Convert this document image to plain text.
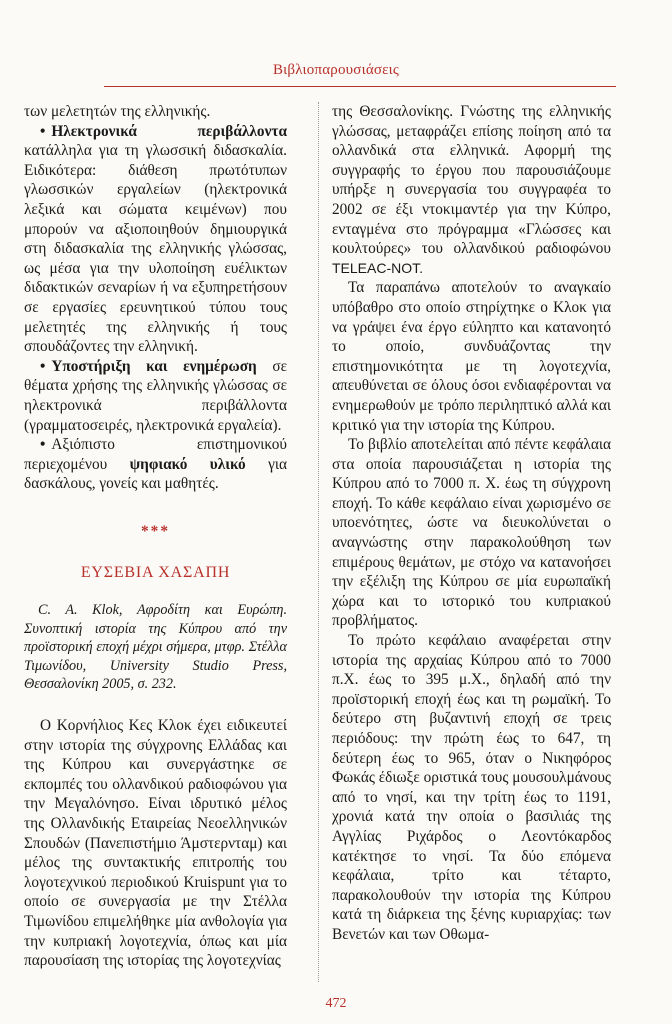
Βιβλιοπαρουσιάσεις

των μελετητών της ελληνικής.

• Ηλεκτρονικά περιβάλλοντα κατάλληλα για τη γλωσσική διδασκαλία. Ειδικότερα: διάθεση πρωτότυπων γλωσσικών εργαλείων (ηλεκτρονικά λεξικά και σώματα κειμένων) που μπορούν να αξιοποιηθούν δημιουργικά στη διδασκαλία της ελληνικής γλώσσας, ως μέσα για την υλοποίηση ευέλικτων διδακτικών σεναρίων ή να εξυπηρετήσουν σε εργασίες ερευνητικού τύπου τους μελετητές της ελληνικής ή τους σπουδάζοντες την ελληνική.

• Υποστήριξη και ενημέρωση σε θέματα χρήσης της ελληνικής γλώσσας σε ηλεκτρονικά περιβάλλοντα (γραμματοσειρές, ηλεκτρονικά εργαλεία).

• Αξιόπιστο επιστημονικού περιεχομένου ψηφιακό υλικό για δασκάλους, γονείς και μαθητές.

***
ΕΥΣΕΒΙΑ ΧΑΣΑΠΗ

C. A. Klok, Αφροδίτη και Ευρώπη. Συνοπτική ιστορία της Κύπρου από την προϊστορική εποχή μέχρι σήμερα, μτφρ. Στέλλα Τιμωνίδου, University Studio Press, Θεσσαλονίκη 2005, σ. 232.

Ο Κορνήλιος Κες Κλοκ έχει ειδικευτεί στην ιστορία της σύγχρονης Ελλάδας και της Κύπρου και συνεργάστηκε σε εκπομπές του ολλανδικού ραδιοφώνου για την Μεγαλόνησο. Είναι ιδρυτικό μέλος της Ολλανδικής Εταιρείας Νεοελληνικών Σπουδών (Πανεπιστήμιο Άμστερνταμ) και μέλος της συντακτικής επιτροπής του λογοτεχνικού περιοδικού Kruispunt για το οποίο σε συνεργασία με την Στέλλα Τιμωνίδου επιμελήθηκε μία ανθολογία για την κυπριακή λογοτεχνία, όπως και μία παρουσίαση της ιστορίας της λογοτεχνίας

της Θεσσαλονίκης. Γνώστης της ελληνικής γλώσσας, μεταφράζει επίσης ποίηση από τα ολλανδικά στα ελληνικά. Αφορμή της συγγραφής το έργου που παρουσιάζουμε υπήρξε η συνεργασία του συγγραφέα το 2002 σε έξι ντοκιμαντέρ για την Κύπρο, ενταγμένα στο πρόγραμμα «Γλώσσες και κουλτούρες» του ολλανδικού ραδιοφώνου TELEAC-NOT.

Τα παραπάνω αποτελούν το αναγκαίο υπόβαθρο στο οποίο στηρίχτηκε ο Κλοκ για να γράψει ένα έργο εύληπτο και κατανοητό το οποίο, συνδυάζοντας την επιστημονικότητα με τη λογοτεχνία, απευθύνεται σε όλους όσοι ενδιαφέρονται να ενημερωθούν με τρόπο περιληπτικό αλλά και κριτικό για την ιστορία της Κύπρου.

Το βιβλίο αποτελείται από πέντε κεφάλαια στα οποία παρουσιάζεται η ιστορία της Κύπρου από το 7000 π. Χ. έως τη σύγχρονη εποχή. Το κάθε κεφάλαιο είναι χωρισμένο σε υποενότητες, ώστε να διευκολύνεται ο αναγνώστης στην παρακολούθηση των επιμέρους θεμάτων, με στόχο να κατανοήσει την εξέλιξη της Κύπρου σε μία ευρωπαϊκή χώρα και το ιστορικό του κυπριακού προβλήματος.

Το πρώτο κεφάλαιο αναφέρεται στην ιστορία της αρχαίας Κύπρου από το 7000 π.Χ. έως το 395 μ.Χ., δηλαδή από την προϊστορική εποχή έως και τη ρωμαϊκή. Το δεύτερο στη βυζαντινή εποχή σε τρεις περιόδους: την πρώτη έως το 647, τη δεύτερη έως το 965, όταν ο Νικηφόρος Φωκάς έδιωξε οριστικά τους μουσουλμάνους από το νησί, και την τρίτη έως το 1191, χρονιά κατά την οποία ο βασιλιάς της Αγγλίας Ριχάρδος ο Λεοντόκαρδος κατέκτησε το νησί. Τα δύο επόμενα κεφάλαια, τρίτο και τέταρτο, παρακολουθούν την ιστορία της Κύπρου κατά τη διάρκεια της ξένης κυριαρχίας: των Βενετών και των Οθωμα-

472
